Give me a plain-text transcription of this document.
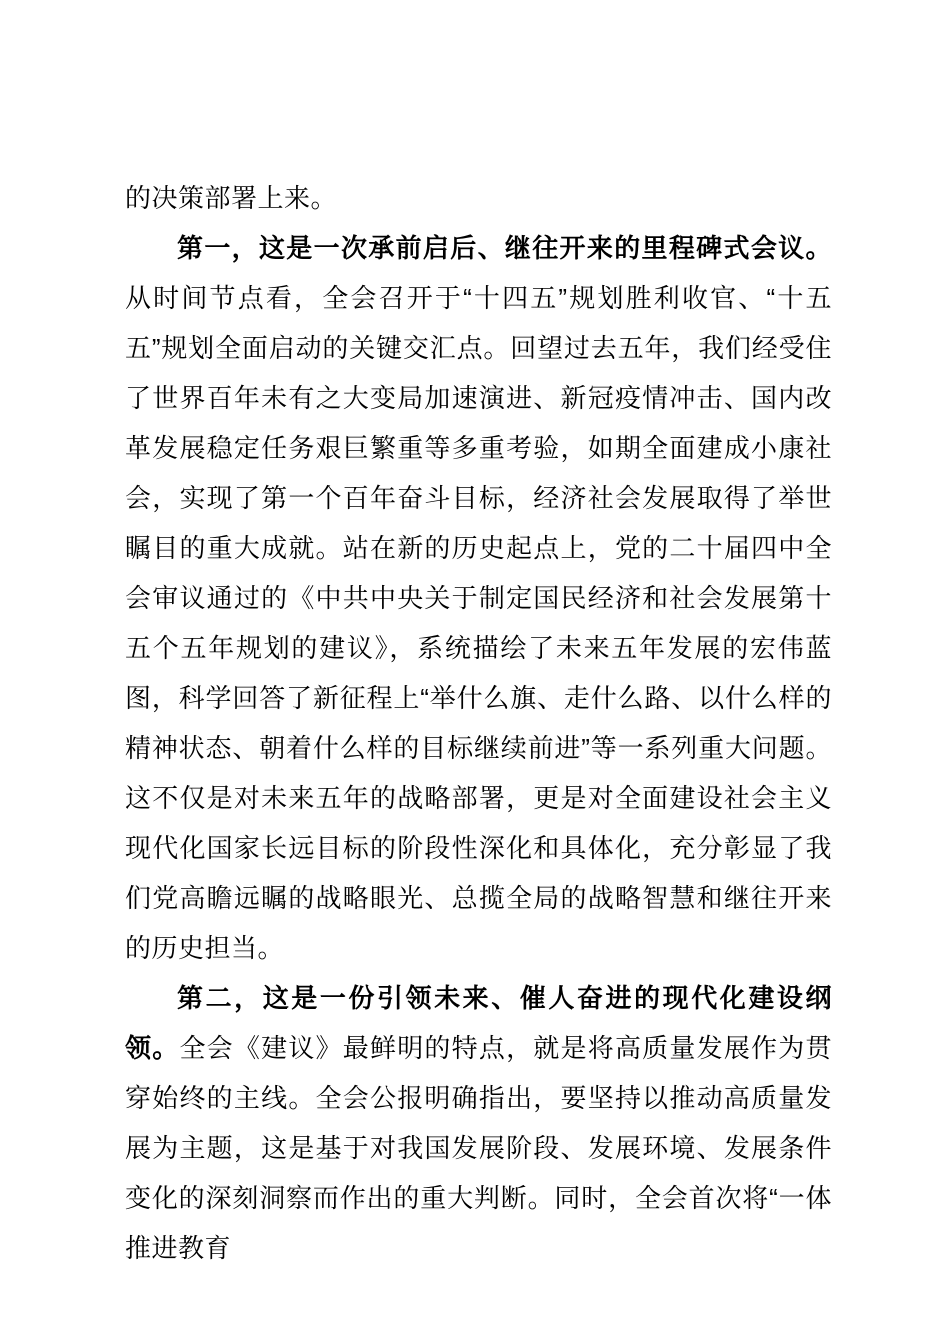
的决策部署上来。

第一，这是一次承前启后、继往开来的里程碑式会议。从时间节点看，全会召开于“十四五”规划胜利收官、“十五五”规划全面启动的关键交汇点。回望过去五年，我们经受住了世界百年未有之大变局加速演进、新冠疫情冲击、国内改革发展稳定任务艰巨繁重等多重考验，如期全面建成小康社会，实现了第一个百年奋斗目标，经济社会发展取得了举世瞩目的重大成就。站在新的历史起点上，党的二十届四中全会审议通过的《中共中央关于制定国民经济和社会发展第十五个五年规划的建议》，系统描绘了未来五年发展的宏伟蓝图，科学回答了新征程上“举什么旗、走什么路、以什么样的精神状态、朝着什么样的目标继续前进”等一系列重大问题。这不仅是对未来五年的战略部署，更是对全面建设社会主义现代化国家长远目标的阶段性深化和具体化，充分彰显了我们党高瞻远瞩的战略眼光、总揽全局的战略智慧和继往开来的历史担当。

第二，这是一份引领未来、催人奋进的现代化建设纲领。全会《建议》最鲜明的特点，就是将高质量发展作为贯穿始终的主线。全会公报明确指出，要坚持以推动高质量发展为主题，这是基于对我国发展阶段、发展环境、发展条件变化的深刻洞察而作出的重大判断。同时，全会首次将“一体推进教育
